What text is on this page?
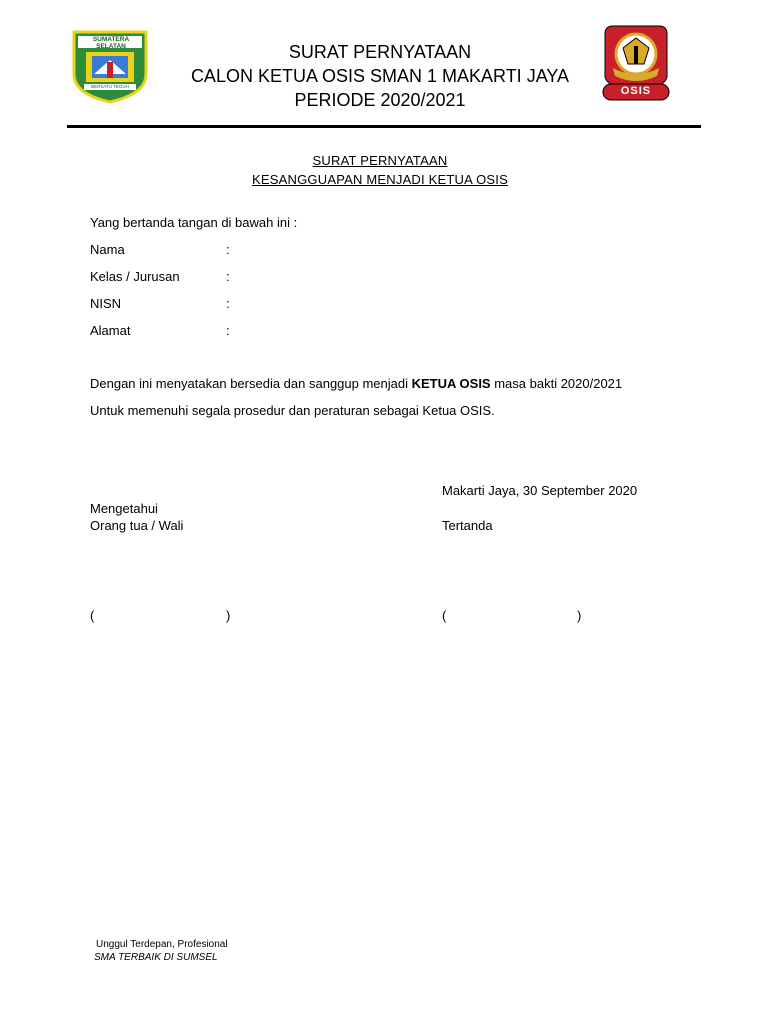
SUMATERA SELATAN
BERSATU TEGUH
SURAT PERNYATAAN
CALON KETUA OSIS SMAN 1 MAKARTI JAYA
PERIODE 2020/2021	OSIS
SURAT PERNYATAAN
KESANGGUAPAN MENJADI KETUA OSIS
Yang bertanda tangan di bawah ini :
Nama	:
Kelas / Jurusan	:
NISN	:
Alamat	:
Dengan ini menyatakan bersedia dan sanggup menjadi KETUA OSIS masa bakti 2020/2021
Untuk memenuhi segala prosedur dan peraturan sebagai Ketua OSIS.
Makarti Jaya, 30 September 2020
Mengetahui
Orang tua / Wali	Tertanda
(	)	(	)
Unggul Terdepan, Profesional
SMA TERBAIK DI SUMSEL
